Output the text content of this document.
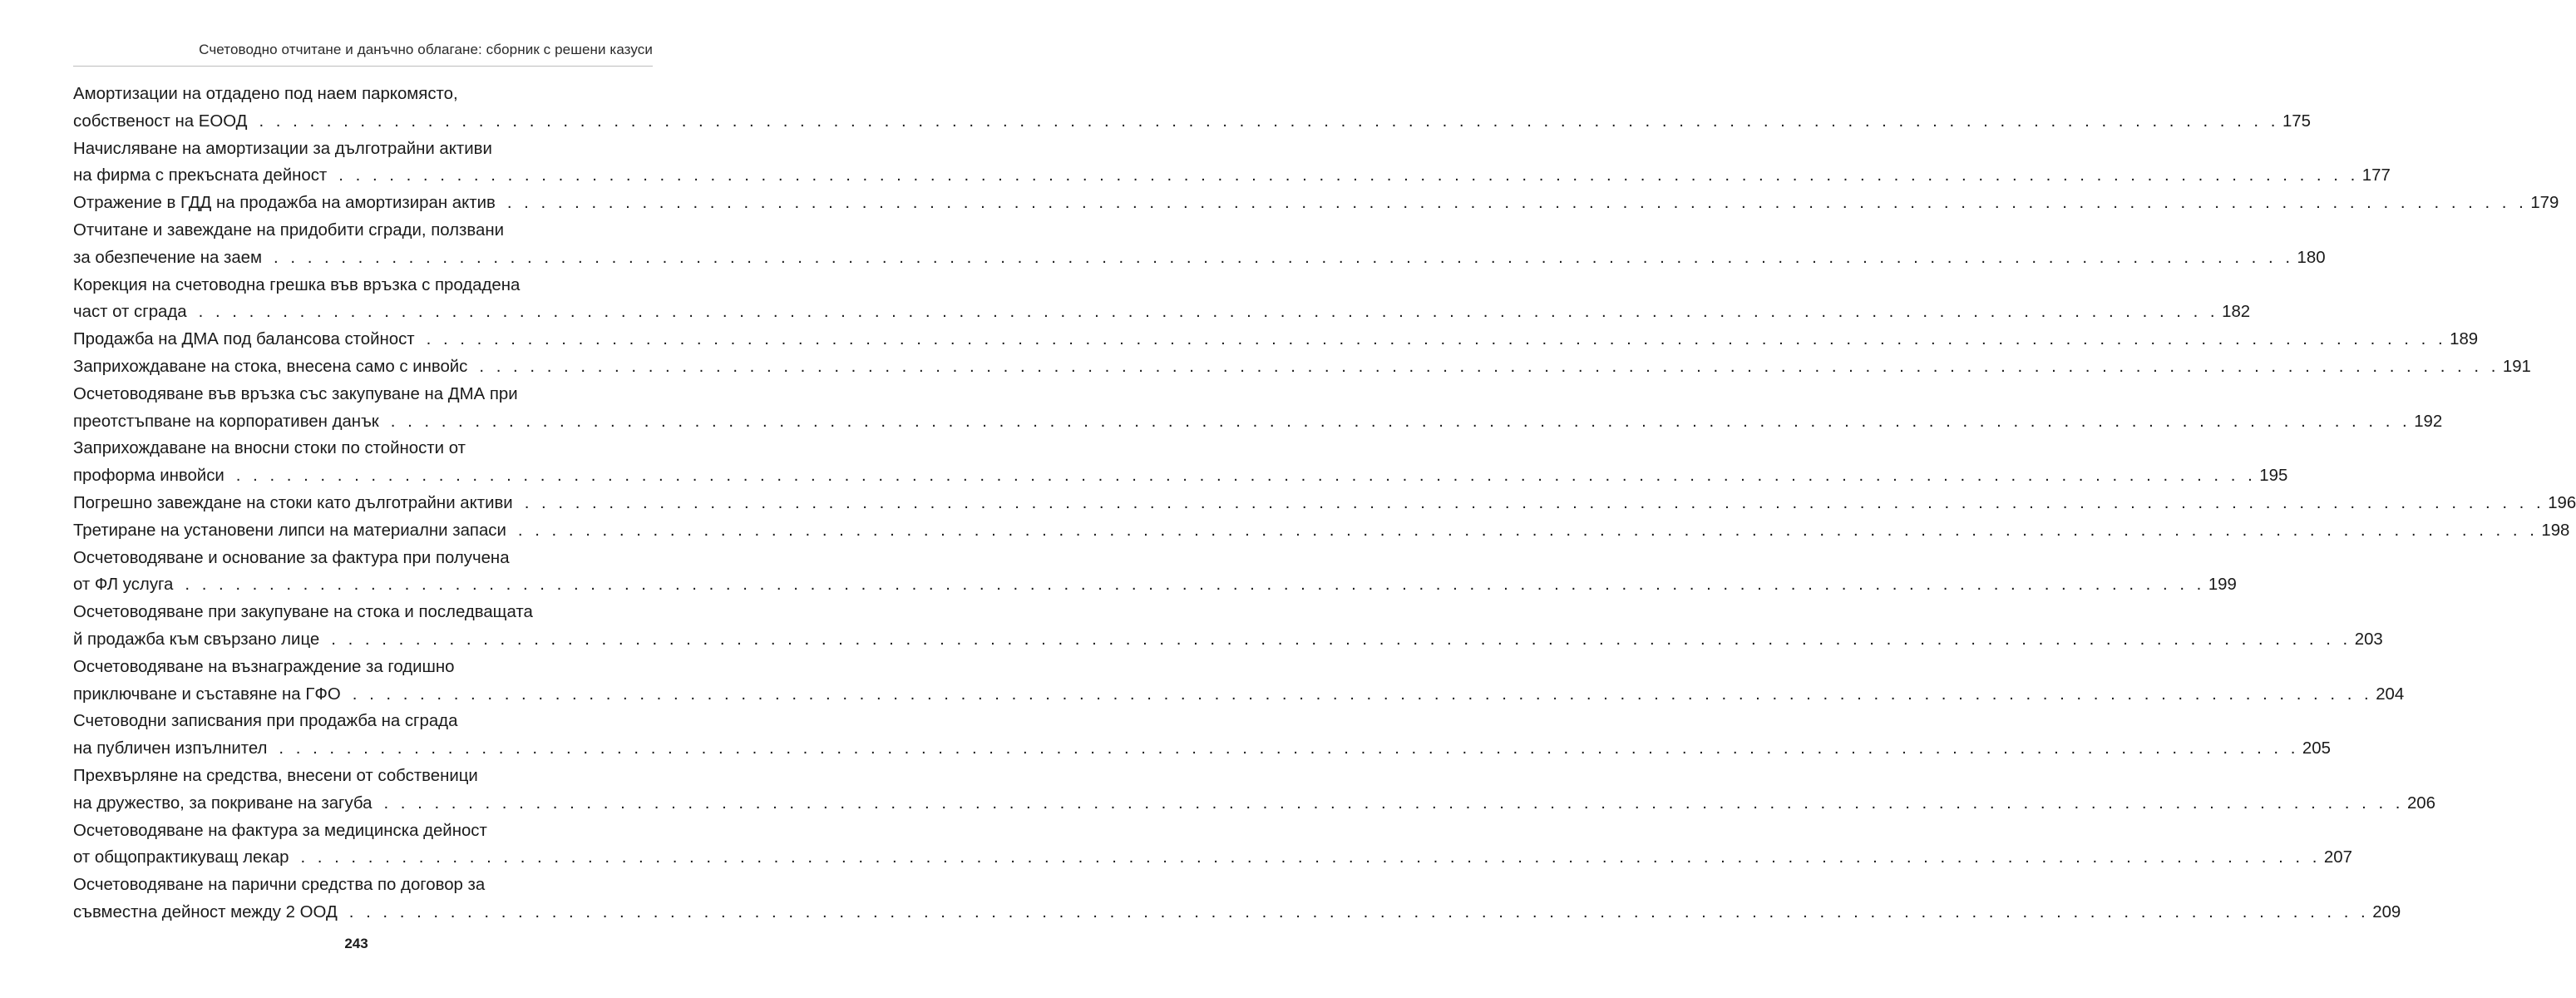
Счетоводно отчитане и данъчно облагане: сборник с решени казуси
Амортизации на отдадено под наем паркомясто,
собственост на ЕООД . . . . . . . . . . . . . . . . . . . . . . . . . . . . . . . . . . . . . . . . . . . . . . . . . . . . . . . . . . . . . . . . . . . . . . . . . . . . . . . . . . . . . . . . . . . . . . . . . . . . . . . . . . . . . . . . . . . . . . . . 175
Начисляване на амортизации за дълготрайни активи
на фирма с прекъсната дейност . . . . . . . . . . . . . . . . . . . . . . . . . . . . . . . . . . . . . . . . . . . . . . . . . . . . . . . . . . . . . . . . . . . . . . . . . . . . . . . . . . . . . . . . . . . . . . . . . . . . . . . . . . . . . . . . . . . . . . . . 177
Отражение в ГДД на продажба на амортизиран актив . . . . . . . . . . . . . . . . . . . . . . . . . . . . . . . . . . . . . . . . . . . . . . . . . . . . . . . . . . . . . . . . . . . . . . . . . . . . . . . . . . . . . . . . . . . . . . . . . . . . . . . . . . . . . . . . . . . . . . . . 179
Отчитане и завеждане на придобити сгради, ползвани
за обезпечение на заем . . . . . . . . . . . . . . . . . . . . . . . . . . . . . . . . . . . . . . . . . . . . . . . . . . . . . . . . . . . . . . . . . . . . . . . . . . . . . . . . . . . . . . . . . . . . . . . . . . . . . . . . . . . . . . . . . . . . . . . . 180
Корекция на счетоводна грешка във връзка с продадена
част от сграда . . . . . . . . . . . . . . . . . . . . . . . . . . . . . . . . . . . . . . . . . . . . . . . . . . . . . . . . . . . . . . . . . . . . . . . . . . . . . . . . . . . . . . . . . . . . . . . . . . . . . . . . . . . . . . . . . . . . . . . . 182
Продажба на ДМА под балансова стойност . . . . . . . . . . . . . . . . . . . . . . . . . . . . . . . . . . . . . . . . . . . . . . . . . . . . . . . . . . . . . . . . . . . . . . . . . . . . . . . . . . . . . . . . . . . . . . . . . . . . . . . . . . . . . . . . . . . . . . . . 189
Заприхождаване на стока, внесена само с инвойс . . . . . . . . . . . . . . . . . . . . . . . . . . . . . . . . . . . . . . . . . . . . . . . . . . . . . . . . . . . . . . . . . . . . . . . . . . . . . . . . . . . . . . . . . . . . . . . . . . . . . . . . . . . . . . . . . . . . . . . . 191
Осчетоводяване във връзка със закупуване на ДМА при
преотстъпване на корпоративен данък . . . . . . . . . . . . . . . . . . . . . . . . . . . . . . . . . . . . . . . . . . . . . . . . . . . . . . . . . . . . . . . . . . . . . . . . . . . . . . . . . . . . . . . . . . . . . . . . . . . . . . . . . . . . . . . . . . . . . . . . 192
Заприхождаване на вносни стоки по стойности от
проформа инвойси . . . . . . . . . . . . . . . . . . . . . . . . . . . . . . . . . . . . . . . . . . . . . . . . . . . . . . . . . . . . . . . . . . . . . . . . . . . . . . . . . . . . . . . . . . . . . . . . . . . . . . . . . . . . . . . . . . . . . . . . 195
Погрешно завеждане на стоки като дълготрайни активи . . . . . . . . . . . . . . . . . . . . . . . . . . . . . . . . . . . . . . . . . . . . . . . . . . . . . . . . . . . . . . . . . . . . . . . . . . . . . . . . . . . . . . . . . . . . . . . . . . . . . . . . . . . . . . . . . . . . . . . . 196
Третиране на установени липси на материални запаси . . . . . . . . . . . . . . . . . . . . . . . . . . . . . . . . . . . . . . . . . . . . . . . . . . . . . . . . . . . . . . . . . . . . . . . . . . . . . . . . . . . . . . . . . . . . . . . . . . . . . . . . . . . . . . . . . . . . . . . . 198
Осчетоводяване и основание за фактура при получена
от ФЛ услуга . . . . . . . . . . . . . . . . . . . . . . . . . . . . . . . . . . . . . . . . . . . . . . . . . . . . . . . . . . . . . . . . . . . . . . . . . . . . . . . . . . . . . . . . . . . . . . . . . . . . . . . . . . . . . . . . . . . . . . . . 199
Осчетоводяване при закупуване на стока и последващата
й продажба към свързано лице . . . . . . . . . . . . . . . . . . . . . . . . . . . . . . . . . . . . . . . . . . . . . . . . . . . . . . . . . . . . . . . . . . . . . . . . . . . . . . . . . . . . . . . . . . . . . . . . . . . . . . . . . . . . . . . . . . . . . . . . 203
Осчетоводяване на възнаграждение за годишно
приключване и съставяне на ГФО . . . . . . . . . . . . . . . . . . . . . . . . . . . . . . . . . . . . . . . . . . . . . . . . . . . . . . . . . . . . . . . . . . . . . . . . . . . . . . . . . . . . . . . . . . . . . . . . . . . . . . . . . . . . . . . . . . . . . . . . 204
Счетоводни записвания при продажба на сграда
на публичен изпълнител . . . . . . . . . . . . . . . . . . . . . . . . . . . . . . . . . . . . . . . . . . . . . . . . . . . . . . . . . . . . . . . . . . . . . . . . . . . . . . . . . . . . . . . . . . . . . . . . . . . . . . . . . . . . . . . . . . . . . . . . 205
Прехвърляне на средства, внесени от собственици
на дружество, за покриване на загуба . . . . . . . . . . . . . . . . . . . . . . . . . . . . . . . . . . . . . . . . . . . . . . . . . . . . . . . . . . . . . . . . . . . . . . . . . . . . . . . . . . . . . . . . . . . . . . . . . . . . . . . . . . . . . . . . . . . . . . . . 206
Осчетоводяване на фактура за медицинска дейност
от общопрактикуващ лекар . . . . . . . . . . . . . . . . . . . . . . . . . . . . . . . . . . . . . . . . . . . . . . . . . . . . . . . . . . . . . . . . . . . . . . . . . . . . . . . . . . . . . . . . . . . . . . . . . . . . . . . . . . . . . . . . . . . . . . . . 207
Осчетоводяване на парични средства по договор за
съвместна дейност между 2 ООД . . . . . . . . . . . . . . . . . . . . . . . . . . . . . . . . . . . . . . . . . . . . . . . . . . . . . . . . . . . . . . . . . . . . . . . . . . . . . . . . . . . . . . . . . . . . . . . . . . . . . . . . . . . . . . . . . . . . . . . . 209
243
